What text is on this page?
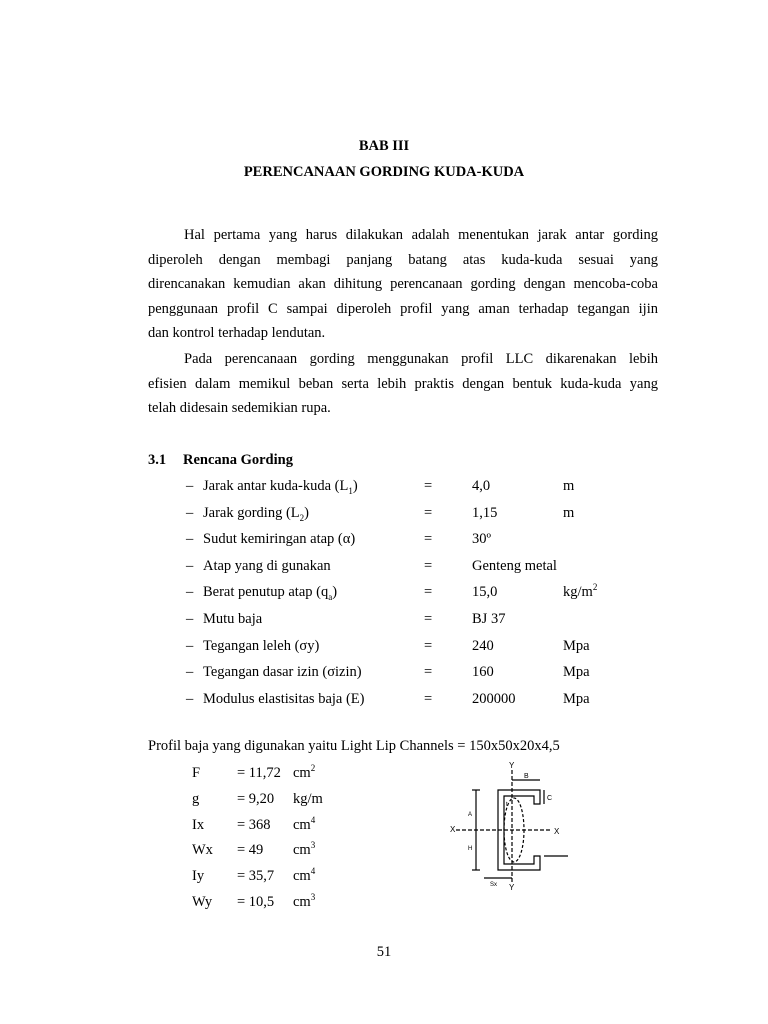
BAB III
PERENCANAAN GORDING KUDA-KUDA
Hal pertama yang harus dilakukan adalah menentukan jarak antar gording
diperoleh dengan membagi panjang batang atas kuda-kuda sesuai yang
direncanakan kemudian akan dihitung perencanaan gording dengan mencoba-coba
penggunaan profil C sampai diperoleh profil yang aman terhadap tegangan ijin
dan kontrol terhadap lendutan.
Pada perencanaan gording menggunakan profil LLC dikarenakan lebih
efisien dalam memikul beban serta lebih praktis dengan bentuk kuda-kuda yang
telah didesain sedemikian rupa.
3.1 Rencana Gording
– Jarak antar kuda-kuda $(L_1)$	=	4,0	m
– Jarak gording $(L_2)$	=	1,15	m
– Sudut kemiringan atap (α)	=	30º
– Atap yang di gunakan	=	Genteng metal
– Berat penutup atap $(q_a)$	=	15,0	$kg/m^2$
– Mutu baja	=	BJ 37
– Tegangan leleh (σy)	=	240	Mpa
– Tegangan dasar izin (σizin)	=	160	Mpa
– Modulus elastisitas baja (E)	=	200000	Mpa
Profil baja yang digunakan yaitu Light Lip Channels = 150x50x20x4,5
F	= 11,72 $cm^2$
g	= 9,20 kg/m
Ix = 368 $cm^4$
Wx = 49 $cm^3$
Iy = 35,7 $cm^4$
Wy = 10,5 $cm^3$
X	X
Y
Y
B
C
t
Sx
A
H
51
